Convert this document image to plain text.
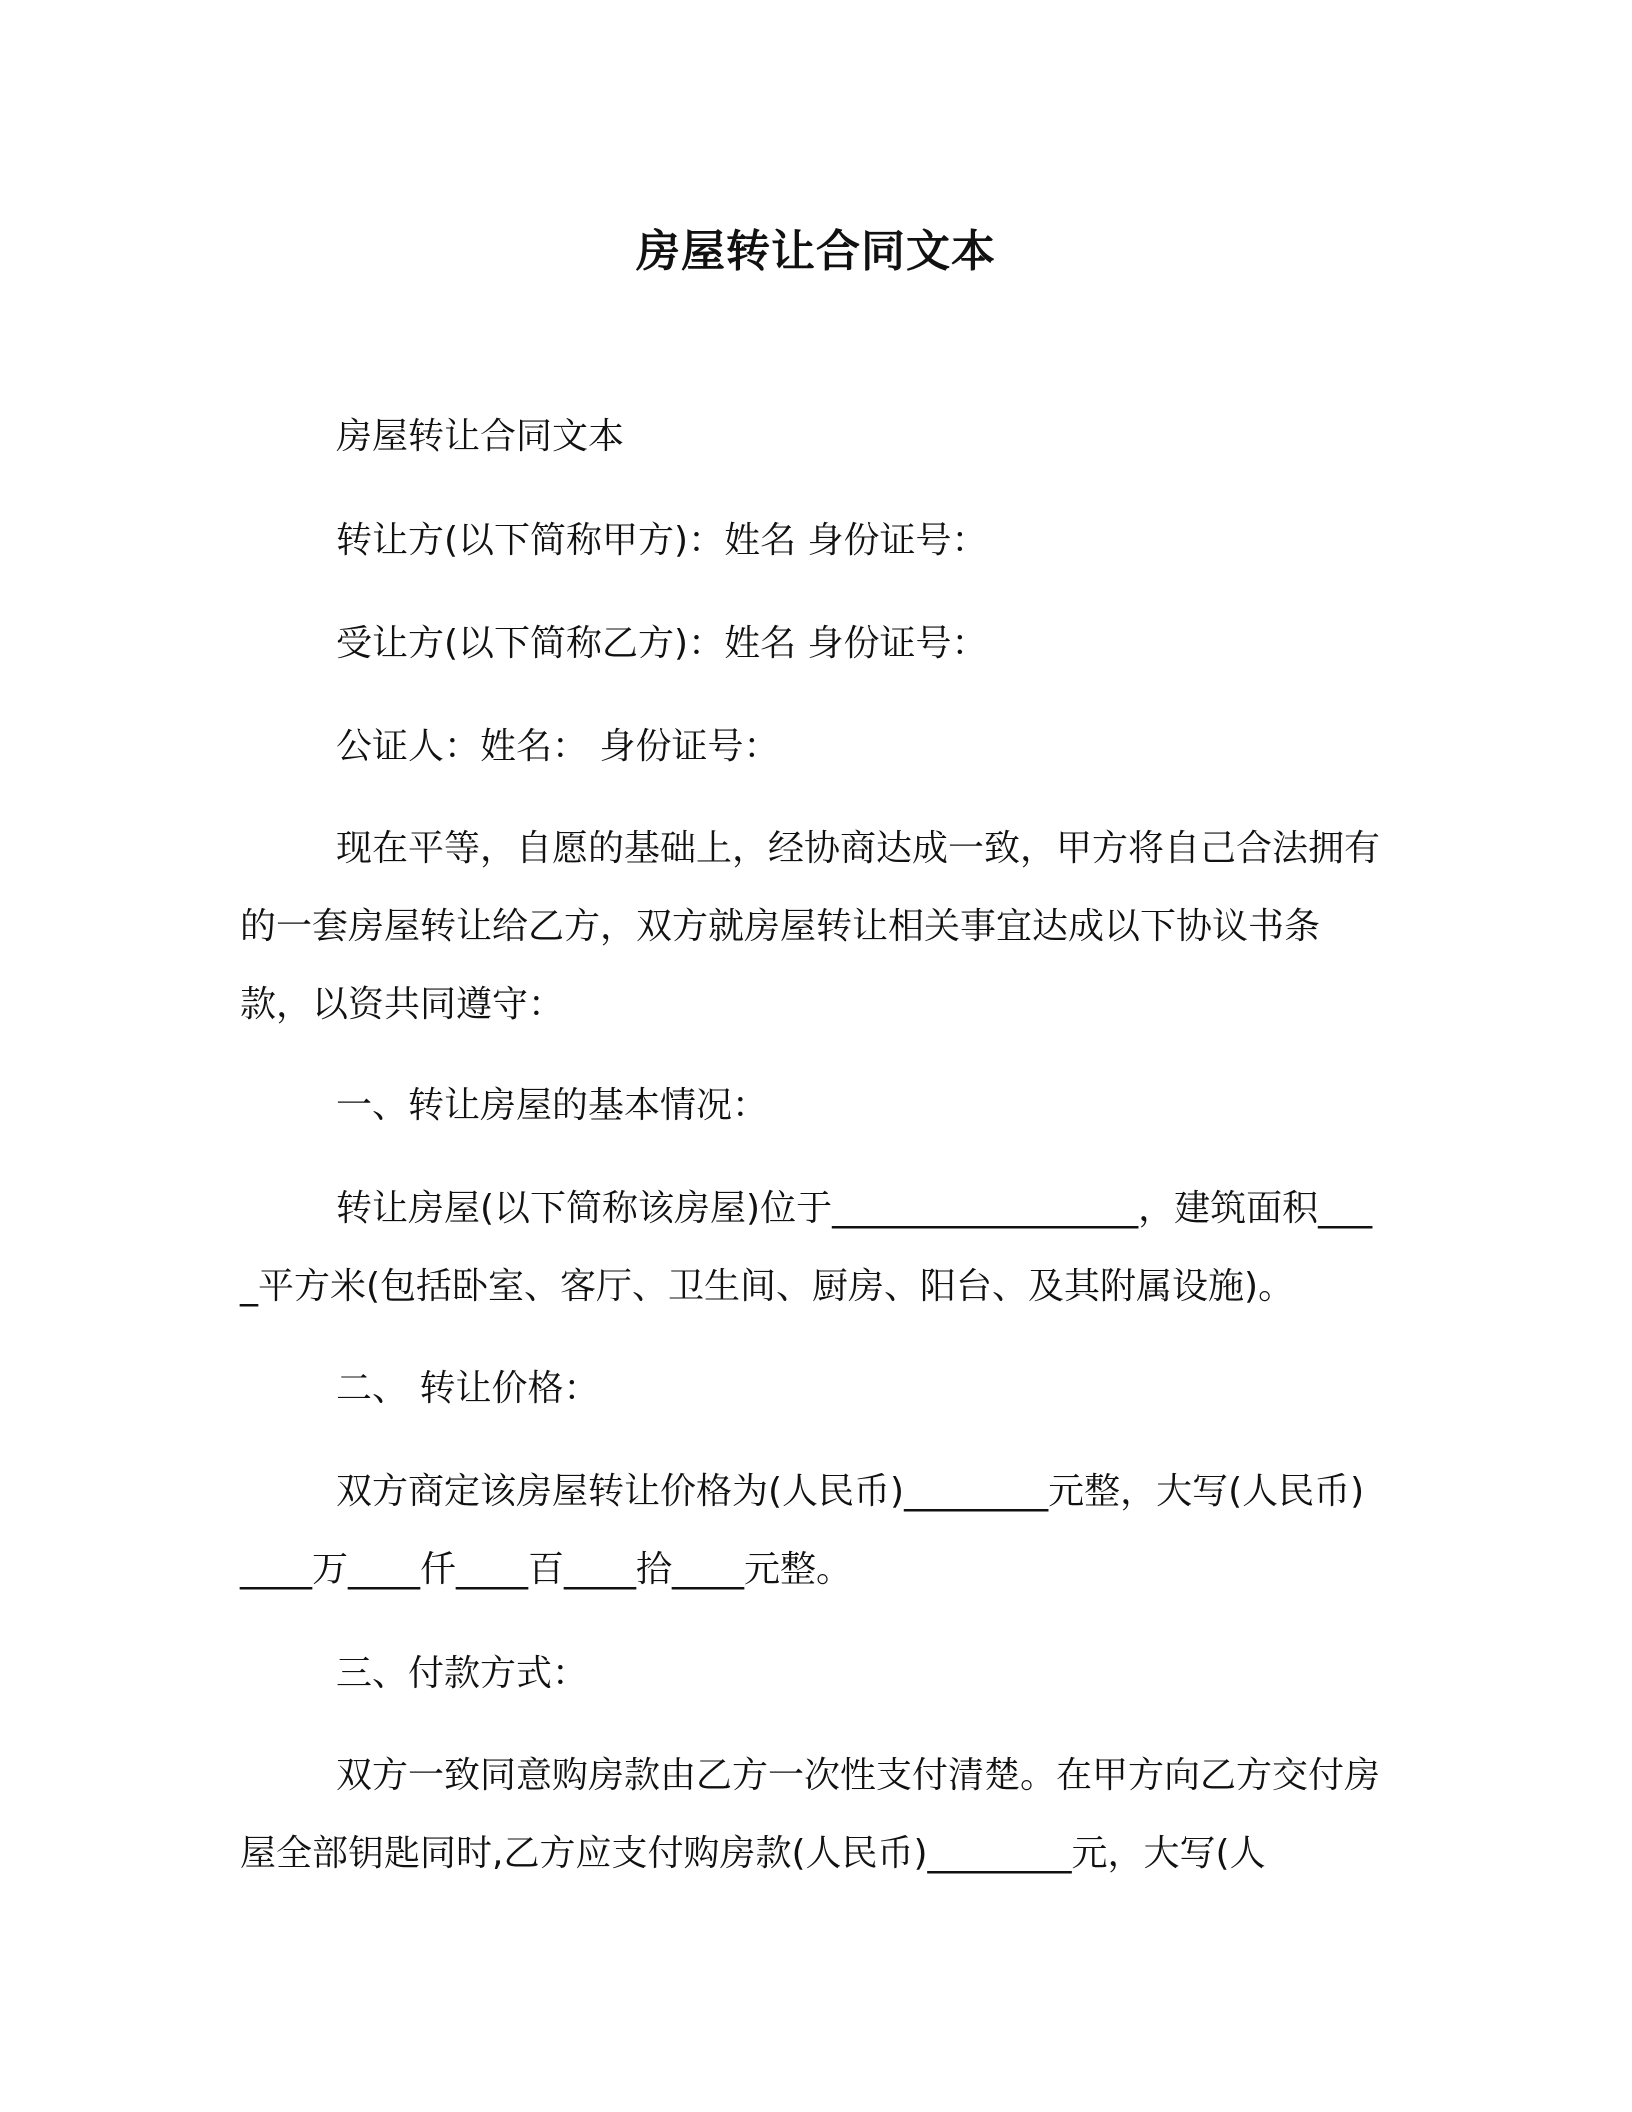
房屋转让合同文本

房屋转让合同文本

转让方(以下简称甲方)：姓名 身份证号：

受让方(以下简称乙方)：姓名 身份证号：

公证人：姓名： 身份证号：

现在平等，自愿的基础上，经协商达成一致，甲方将自己合法拥有的一套房屋转让给乙方，双方就房屋转让相关事宜达成以下协议书条款，以资共同遵守：

一、转让房屋的基本情况：

转让房屋(以下简称该房屋)位于_________________，建筑面积____平方米(包括卧室、客厅、卫生间、厨房、阳台、及其附属设施)。

二、 转让价格：

双方商定该房屋转让价格为(人民币)________元整，大写(人民币)____万____仟____百____拾____元整。

三、付款方式：

双方一致同意购房款由乙方一次性支付清楚。在甲方向乙方交付房屋全部钥匙同时,乙方应支付购房款(人民币)________元，大写(人
